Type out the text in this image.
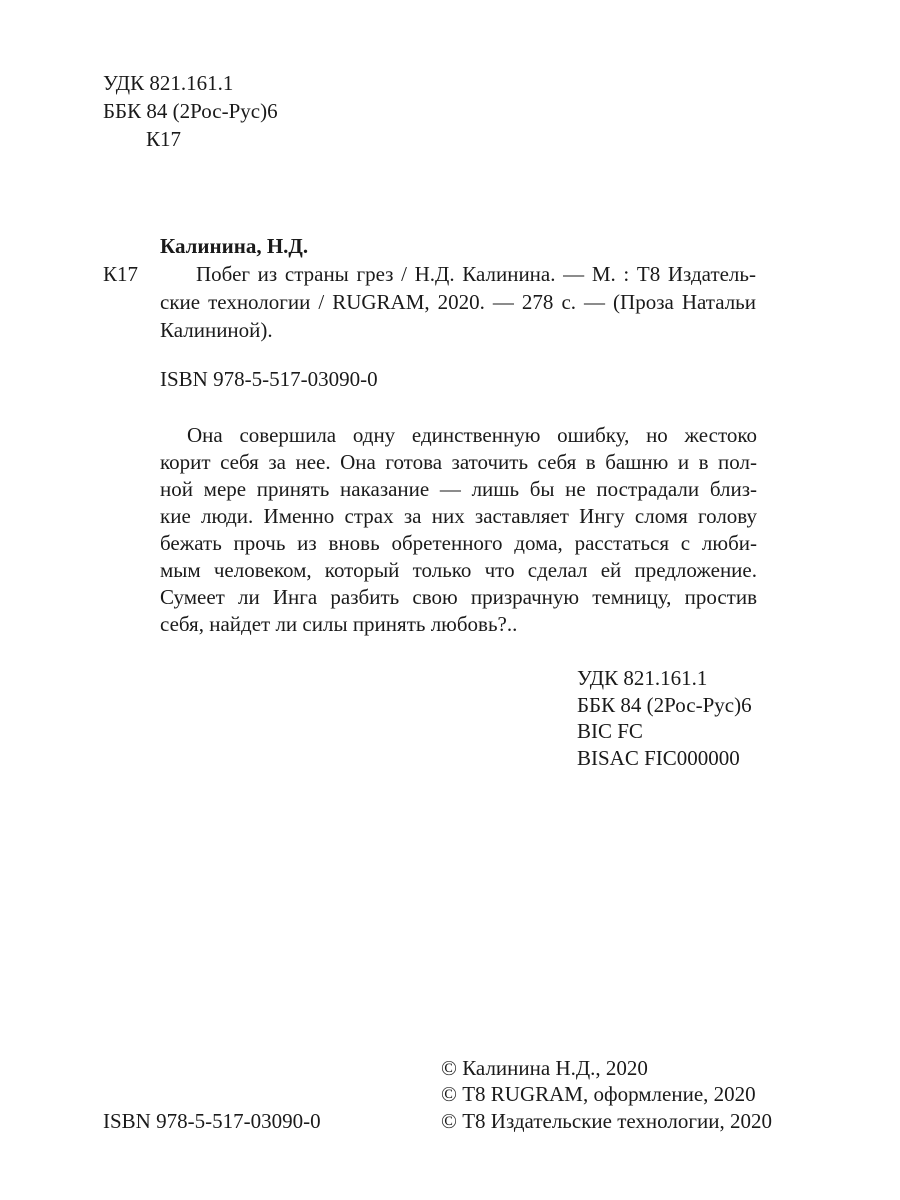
УДК 821.161.1
ББК 84 (2Рос-Рус)6
К17
Калинина, Н.Д.
К17	Побег из страны грез / Н.Д. Калинина. — М. : Т8 Издатель-
ские технологии / RUGRAM, 2020. — 278 с. — (Проза Натальи
Калининой).
ISBN 978-5-517-03090-0
Она совершила одну единственную ошибку, но жестоко
корит себя за нее. Она готова заточить себя в башню и в пол-
ной мере принять наказание — лишь бы не пострадали близ-
кие люди. Именно страх за них заставляет Ингу сломя голову
бежать прочь из вновь обретенного дома, расстаться с люби-
мым человеком, который только что сделал ей предложение.
Сумеет ли Инга разбить свою призрачную темницу, простив
себя, найдет ли силы принять любовь?..
УДК 821.161.1
ББК 84 (2Рос-Рус)6
BIC FC
BISAC FIC000000
© Калинина Н.Д., 2020
© Т8 RUGRAM, оформление, 2020
ISBN 978-5-517-03090-0	© Т8 Издательские технологии, 2020
